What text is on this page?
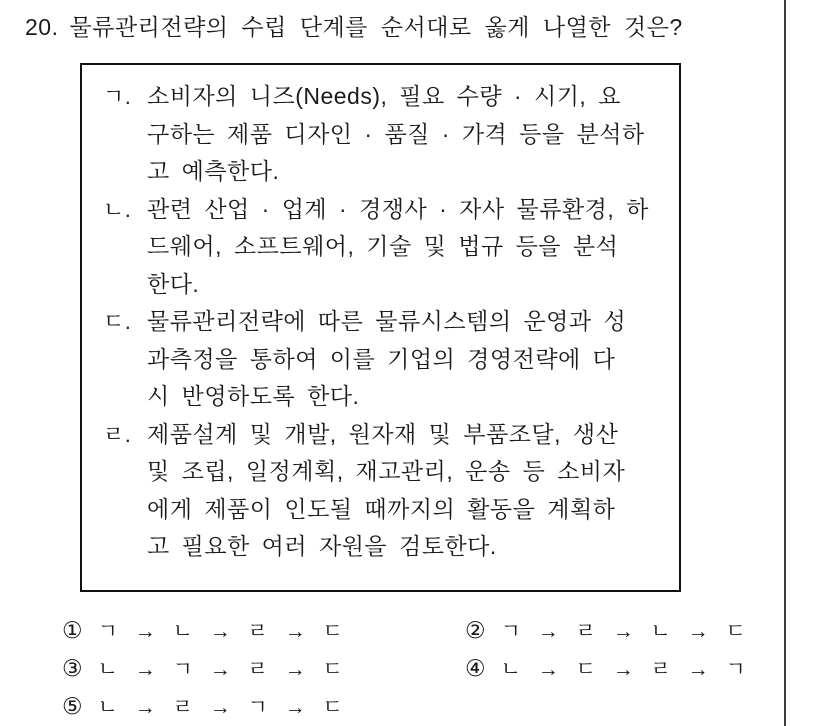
20. 물류관리전략의 수립 단계를 순서대로 옳게 나열한 것은?
ㄱ. 소비자의 니즈(Needs), 필요 수량 · 시기, 요
구하는 제품 디자인 · 품질 · 가격 등을 분석하
고 예측한다.
ㄴ. 관련 산업 · 업계 · 경쟁사 · 자사 물류환경, 하
드웨어, 소프트웨어, 기술 및 법규 등을 분석
한다.
ㄷ. 물류관리전략에 따른 물류시스템의 운영과 성
과측정을 통하여 이를 기업의 경영전략에 다
시 반영하도록 한다.
ㄹ. 제품설계 및 개발, 원자재 및 부품조달, 생산
및 조립, 일정계획, 재고관리, 운송 등 소비자
에게 제품이 인도될 때까지의 활동을 계획하
고 필요한 여러 자원을 검토한다.
① ㄱ → ㄴ → ㄹ → ㄷ	② ㄱ → ㄹ → ㄴ → ㄷ
③ ㄴ → ㄱ → ㄹ → ㄷ	④ ㄴ → ㄷ → ㄹ → ㄱ
⑤ ㄴ → ㄹ → ㄱ → ㄷ
